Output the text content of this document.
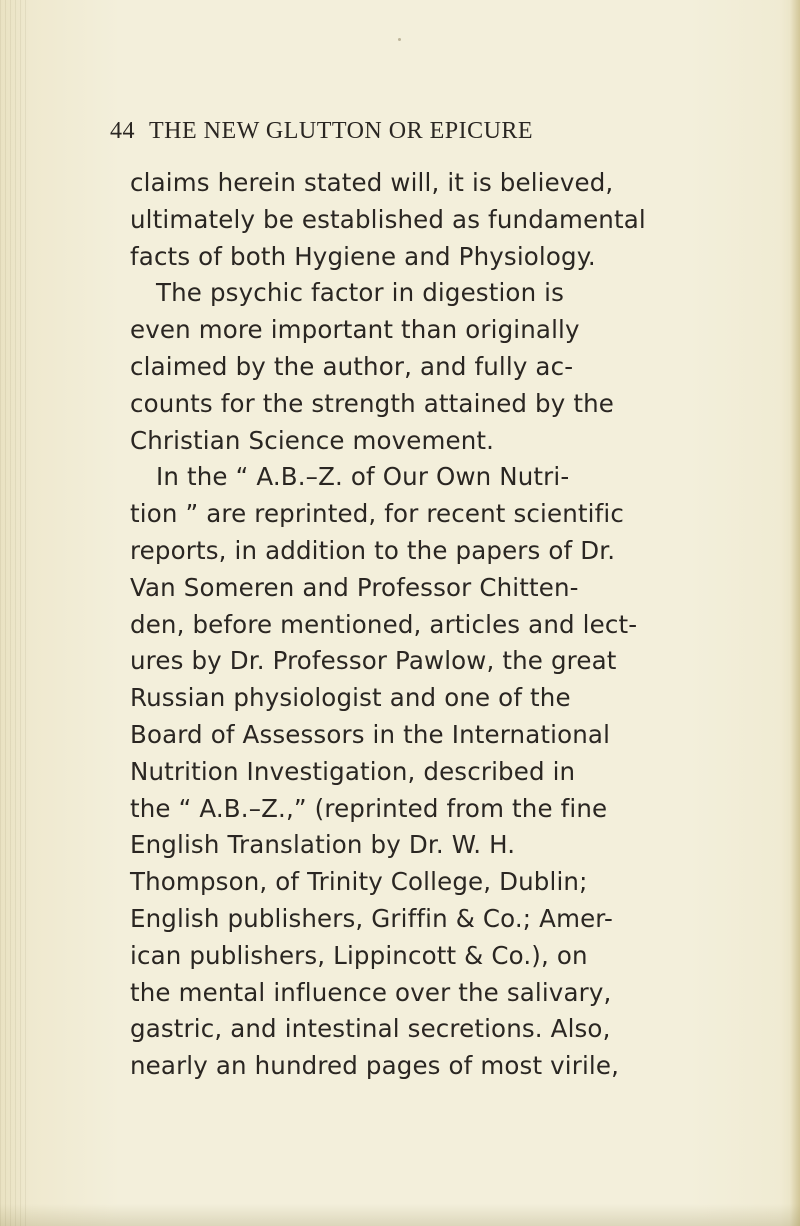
44 THE NEW GLUTTON OR EPICURE
claims herein stated will, it is believed,
ultimately be established as fundamental
facts of both Hygiene and Physiology.
The psychic factor in digestion is
even more important than originally
claimed by the author, and fully ac-
counts for the strength attained by the
Christian Science movement.
In the “ A.B.–Z. of Our Own Nutri-
tion ” are reprinted, for recent scientific
reports, in addition to the papers of Dr.
Van Someren and Professor Chitten-
den, before mentioned, articles and lect-
ures by Dr. Professor Pawlow, the great
Russian physiologist and one of the
Board of Assessors in the International
Nutrition Investigation, described in
the “ A.B.–Z.,” (reprinted from the fine
English Translation by Dr. W. H.
Thompson, of Trinity College, Dublin;
English publishers, Griffin & Co.; Amer-
ican publishers, Lippincott & Co.), on
the mental influence over the salivary,
gastric, and intestinal secretions. Also,
nearly an hundred pages of most virile,
